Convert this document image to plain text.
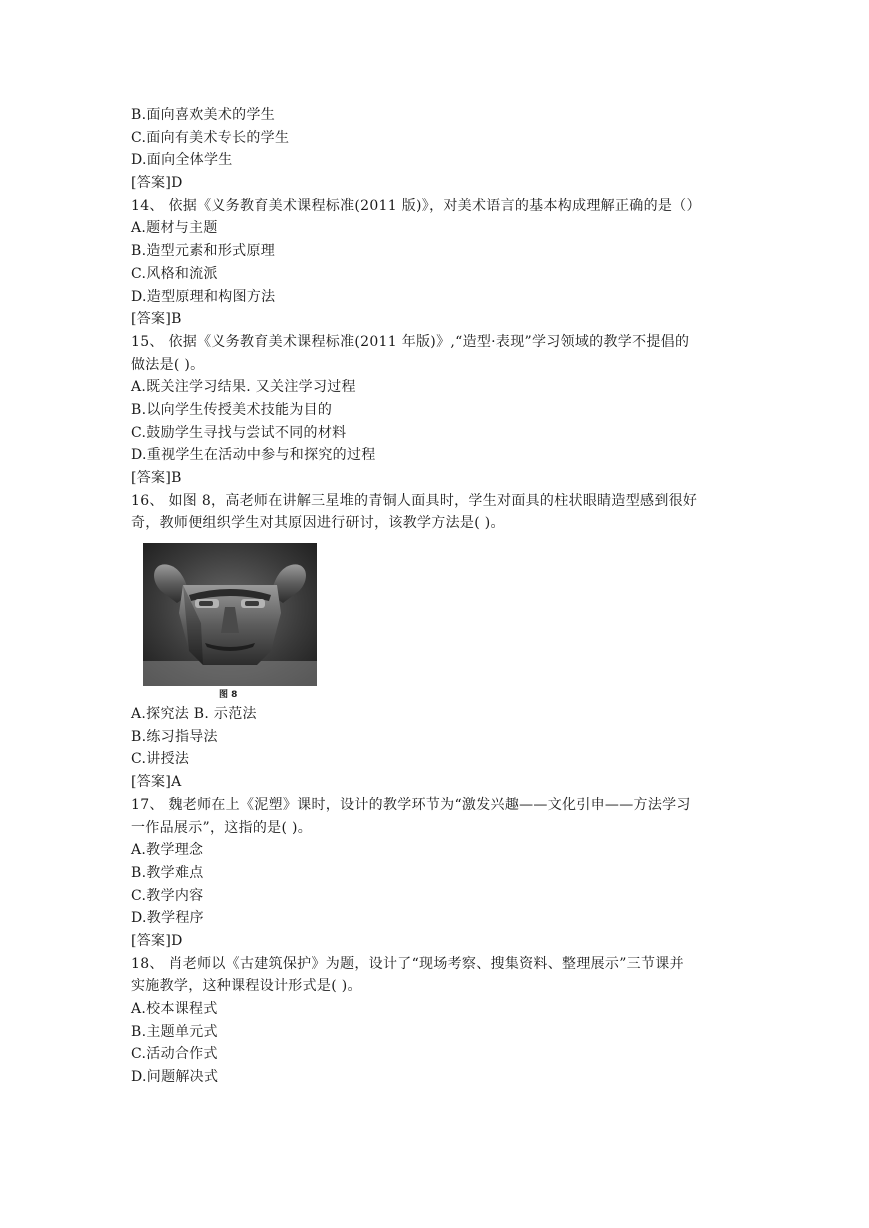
B.面向喜欢美术的学生
C.面向有美术专长的学生
D.面向全体学生
[答案]D
14、 依据《义务教育美术课程标准(2011 版)》，对美术语言的基本构成理解正确的是（）
A.题材与主题
B.造型元素和形式原理
C.风格和流派
D.造型原理和构图方法
[答案]B
15、 依据《义务教育美术课程标准(2011 年版)》,“造型·表现”学习领域的教学不提倡的
做法是( )。
A.既关注学习结果. 又关注学习过程
B.以向学生传授美术技能为目的
C.鼓励学生寻找与尝试不同的材料
D.重视学生在活动中参与和探究的过程
[答案]B
16、 如图 8，高老师在讲解三星堆的青铜人面具时，学生对面具的柱状眼睛造型感到很好
奇，教师便组织学生对其原因进行研讨，该教学方法是( )。
图 8
A.探究法 B. 示范法
B.练习指导法
C.讲授法
[答案]A
17、 魏老师在上《泥塑》课时，设计的教学环节为“激发兴趣——文化引申——方法学习
一作品展示”，这指的是( )。
A.教学理念
B.教学难点
C.教学内容
D.教学程序
[答案]D
18、 肖老师以《古建筑保护》为题，设计了“现场考察、搜集资料、整理展示”三节课并
实施教学，这种课程设计形式是( )。
A.校本课程式
B.主题单元式
C.活动合作式
D.问题解决式
